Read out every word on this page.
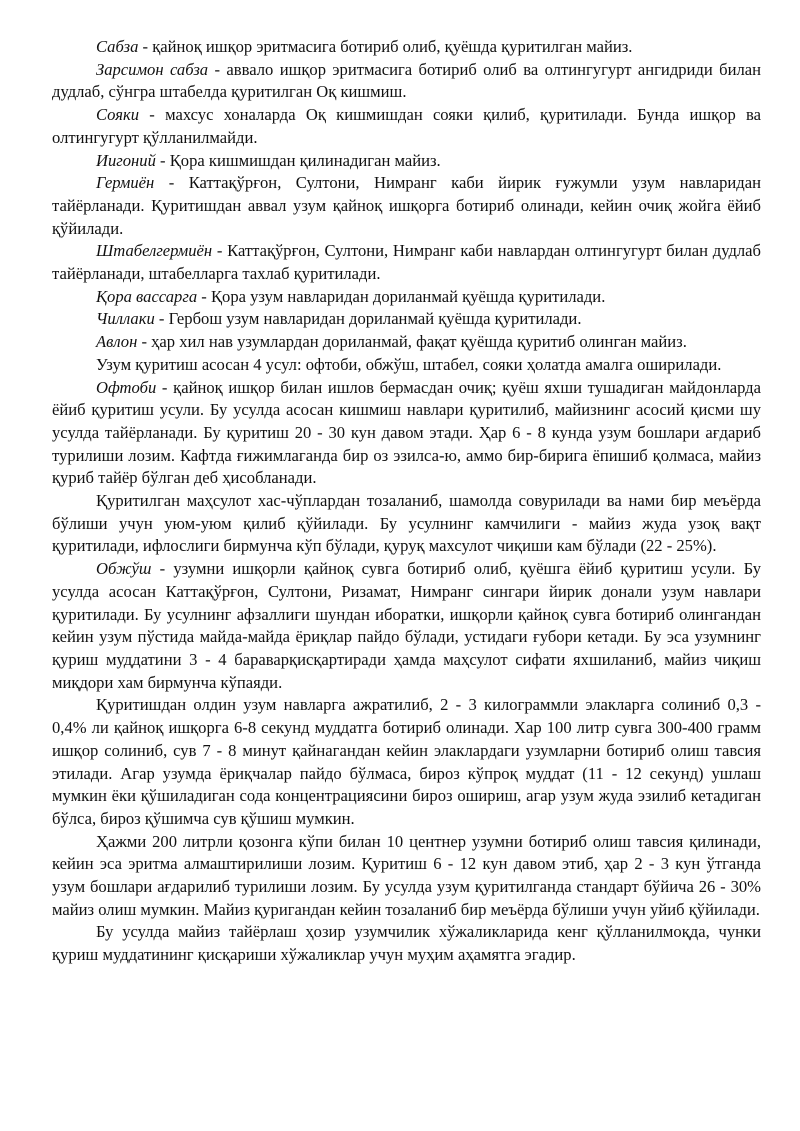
Сабза - қайноқ ишқор эритмасига ботириб олиб, қуёшда қуритилган майиз.

Зарсимон сабза - аввало ишқор эритмасига ботириб олиб ва олтингугурт ангидриди билан дудлаб, сўнгра штабелда қуритилган Оқ кишмиш.

Сояки - махсус хоналарда Оқ кишмишдан сояки қилиб, қуритилади. Бунда ишқор ва олтингугурт қўлланилмайди.

Иигоний - Қора кишмишдан қилинадиган майиз.

Гермиён - Каттақўрғон, Султони, Нимранг каби йирик ғужумли узум навларидан тайёрланади. Қуритишдан аввал узум қайноқ ишқорга ботириб олинади, кейин очиқ жойга ёйиб қўйилади.

Штабелгермиён - Каттақўрғон, Султони, Нимранг каби навлардан олтингугурт билан дудлаб тайёрланади, штабелларга тахлаб қуритилади.

Қора вассарга - Қора узум навларидан дориланмай қуёшда қуритилади.

Чиллаки - Гербош узум навларидан дориланмай қуёшда қуритилади.

Авлон - ҳар хил нав узумлардан дориланмай, фақат қуёшда қуритиб олинган майиз.

Узум қуритиш асосан 4 усул: офтоби, обжўш, штабел, сояки ҳолатда амалга оширилади.

Офтоби - қайноқ ишқор билан ишлов бермасдан очиқ; қуёш яхши тушадиган майдонларда ёйиб қуритиш усули. Бу усулда асосан кишмиш навлари қуритилиб, майизнинг асосий қисми шу усулда тайёрланади. Бу қуритиш 20 - 30 кун давом этади. Ҳар 6 - 8 кунда узум бошлари ағдариб турилиши лозим. Кафтда ғижимлаганда бир оз эзилса-ю, аммо бир-бирига ёпишиб қолмаса, майиз қуриб тайёр бўлган деб ҳисобланади.

Қуритилган маҳсулот хас-чўплардан тозаланиб, шамолда совурилади ва нами бир меъёрда бўлиши учун уюм-уюм қилиб қўйилади. Бу усулнинг камчилиги - майиз жуда узоқ вақт қуритилади, ифлослиги бирмунча кўп бўлади, қуруқ махсулот чиқиши кам бўлади (22 - 25%).

Обжўш - узумни ишқорли қайноқ сувга ботириб олиб, қуёшга ёйиб қуритиш усули. Бу усулда асосан Каттақўрғон, Султони, Ризамат, Нимранг сингари йирик донали узум навлари қуритилади. Бу усулнинг афзаллиги шундан иборатки, ишқорли қайноқ сувга ботириб олингандан кейин узум пўстида майда-майда ёриқлар пайдо бўлади, устидаги ғубори кетади. Бу эса узумнинг қуриш муддатини 3 - 4 бараварқисқартиради ҳамда маҳсулот сифати яхшиланиб, майиз чиқиш миқдори хам бирмунча кўпаяди.

Қуритишдан олдин узум навларга ажратилиб, 2 - 3 килограммли элакларга солиниб 0,3 - 0,4% ли қайноқ ишқорга 6-8 секунд муддатга ботириб олинади. Хар 100 литр сувга 300-400 грамм ишқор солиниб, сув 7 - 8 минут қайнагандан кейин элаклардаги узумларни ботириб олиш тавсия этилади. Агар узумда ёриқчалар пайдо бўлмаса, бироз кўпроқ муддат (11 - 12 секунд) ушлаш мумкин ёки қўшиладиган сода концентрациясини бироз ошириш, агар узум жуда эзилиб кетадиган бўлса, бироз қўшимча сув қўшиш мумкин.

Ҳажми 200 литрли қозонга кўпи билан 10 центнер узумни ботириб олиш тавсия қилинади, кейин эса эритма алмаштирилиши лозим. Қуритиш 6 - 12 кун давом этиб, ҳар 2 - 3 кун ўтганда узум бошлари ағдарилиб турилиши лозим. Бу усулда узум қуритилганда стандарт бўйича 26 - 30% майиз олиш мумкин. Майиз қуригандан кейин тозаланиб бир меъёрда бўлиши учун уйиб қўйилади.

Бу усулда майиз тайёрлаш ҳозир узумчилик хўжаликларида кенг қўлланилмоқда, чунки қуриш муддатининг қисқариши хўжаликлар учун муҳим аҳамятга эгадир.
